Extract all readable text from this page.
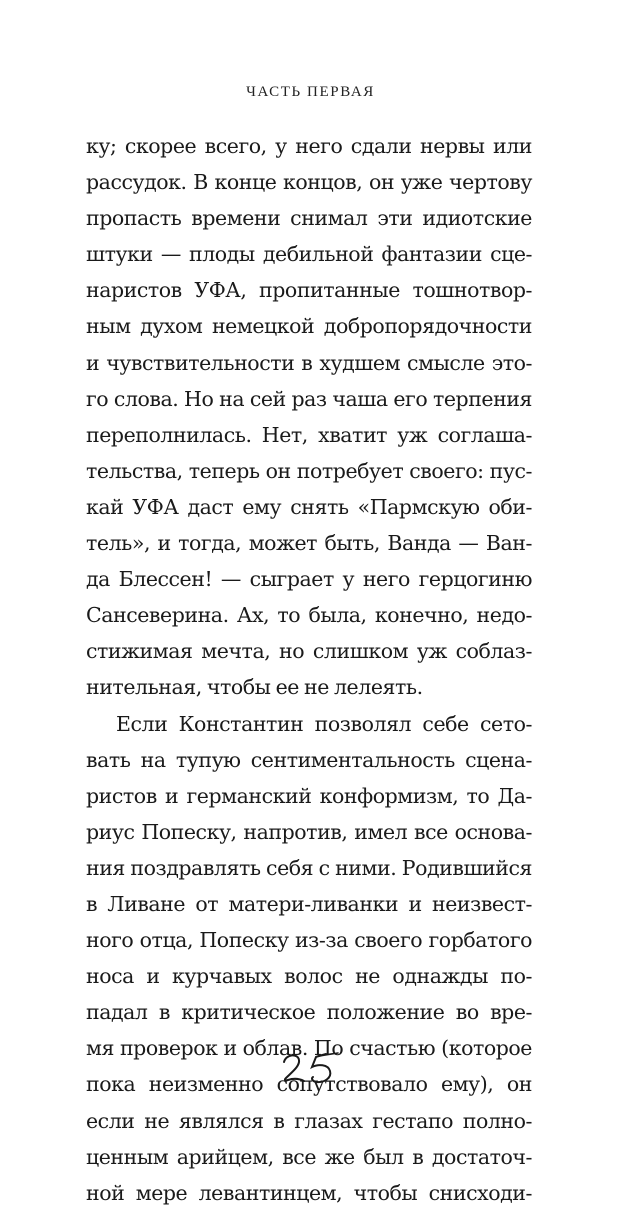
ЧАСТЬ ПЕРВАЯ
ку; скорее всего, у него сдали нервы или
рассудок. В конце концов, он уже чертову
пропасть времени снимал эти идиотские
штуки — плоды дебильной фантазии сце-
наристов УФА, пропитанные тошнотвор-
ным духом немецкой добропорядочности
и чувствительности в худшем смысле это-
го слова. Но на сей раз чаша его терпения
переполнилась. Нет, хватит уж соглаша-
тельства, теперь он потребует своего: пус-
кай УФА даст ему снять «Пармскую оби-
тель», и тогда, может быть, Ванда — Ван-
да Блессен! — сыграет у него герцогиню
Сансеверина. Ах, то была, конечно, недо-
стижимая мечта, но слишком уж соблаз-
нительная, чтобы ее не лелеять.
Если Константин позволял себе сето-
вать на тупую сентиментальность сцена-
ристов и германский конформизм, то Да-
риус Попеску, напротив, имел все основа-
ния поздравлять себя с ними. Родившийся
в Ливане от матери-ливанки и неизвест-
ного отца, Попеску из-за своего горбатого
носа и курчавых волос не однажды по-
падал в критическое положение во вре-
мя проверок и облав. По счастью (которое
пока неизменно сопутствовало ему), он
если не являлся в глазах гестапо полно-
ценным арийцем, все же был в достаточ-
ной мере левантинцем, чтобы снисходи-
